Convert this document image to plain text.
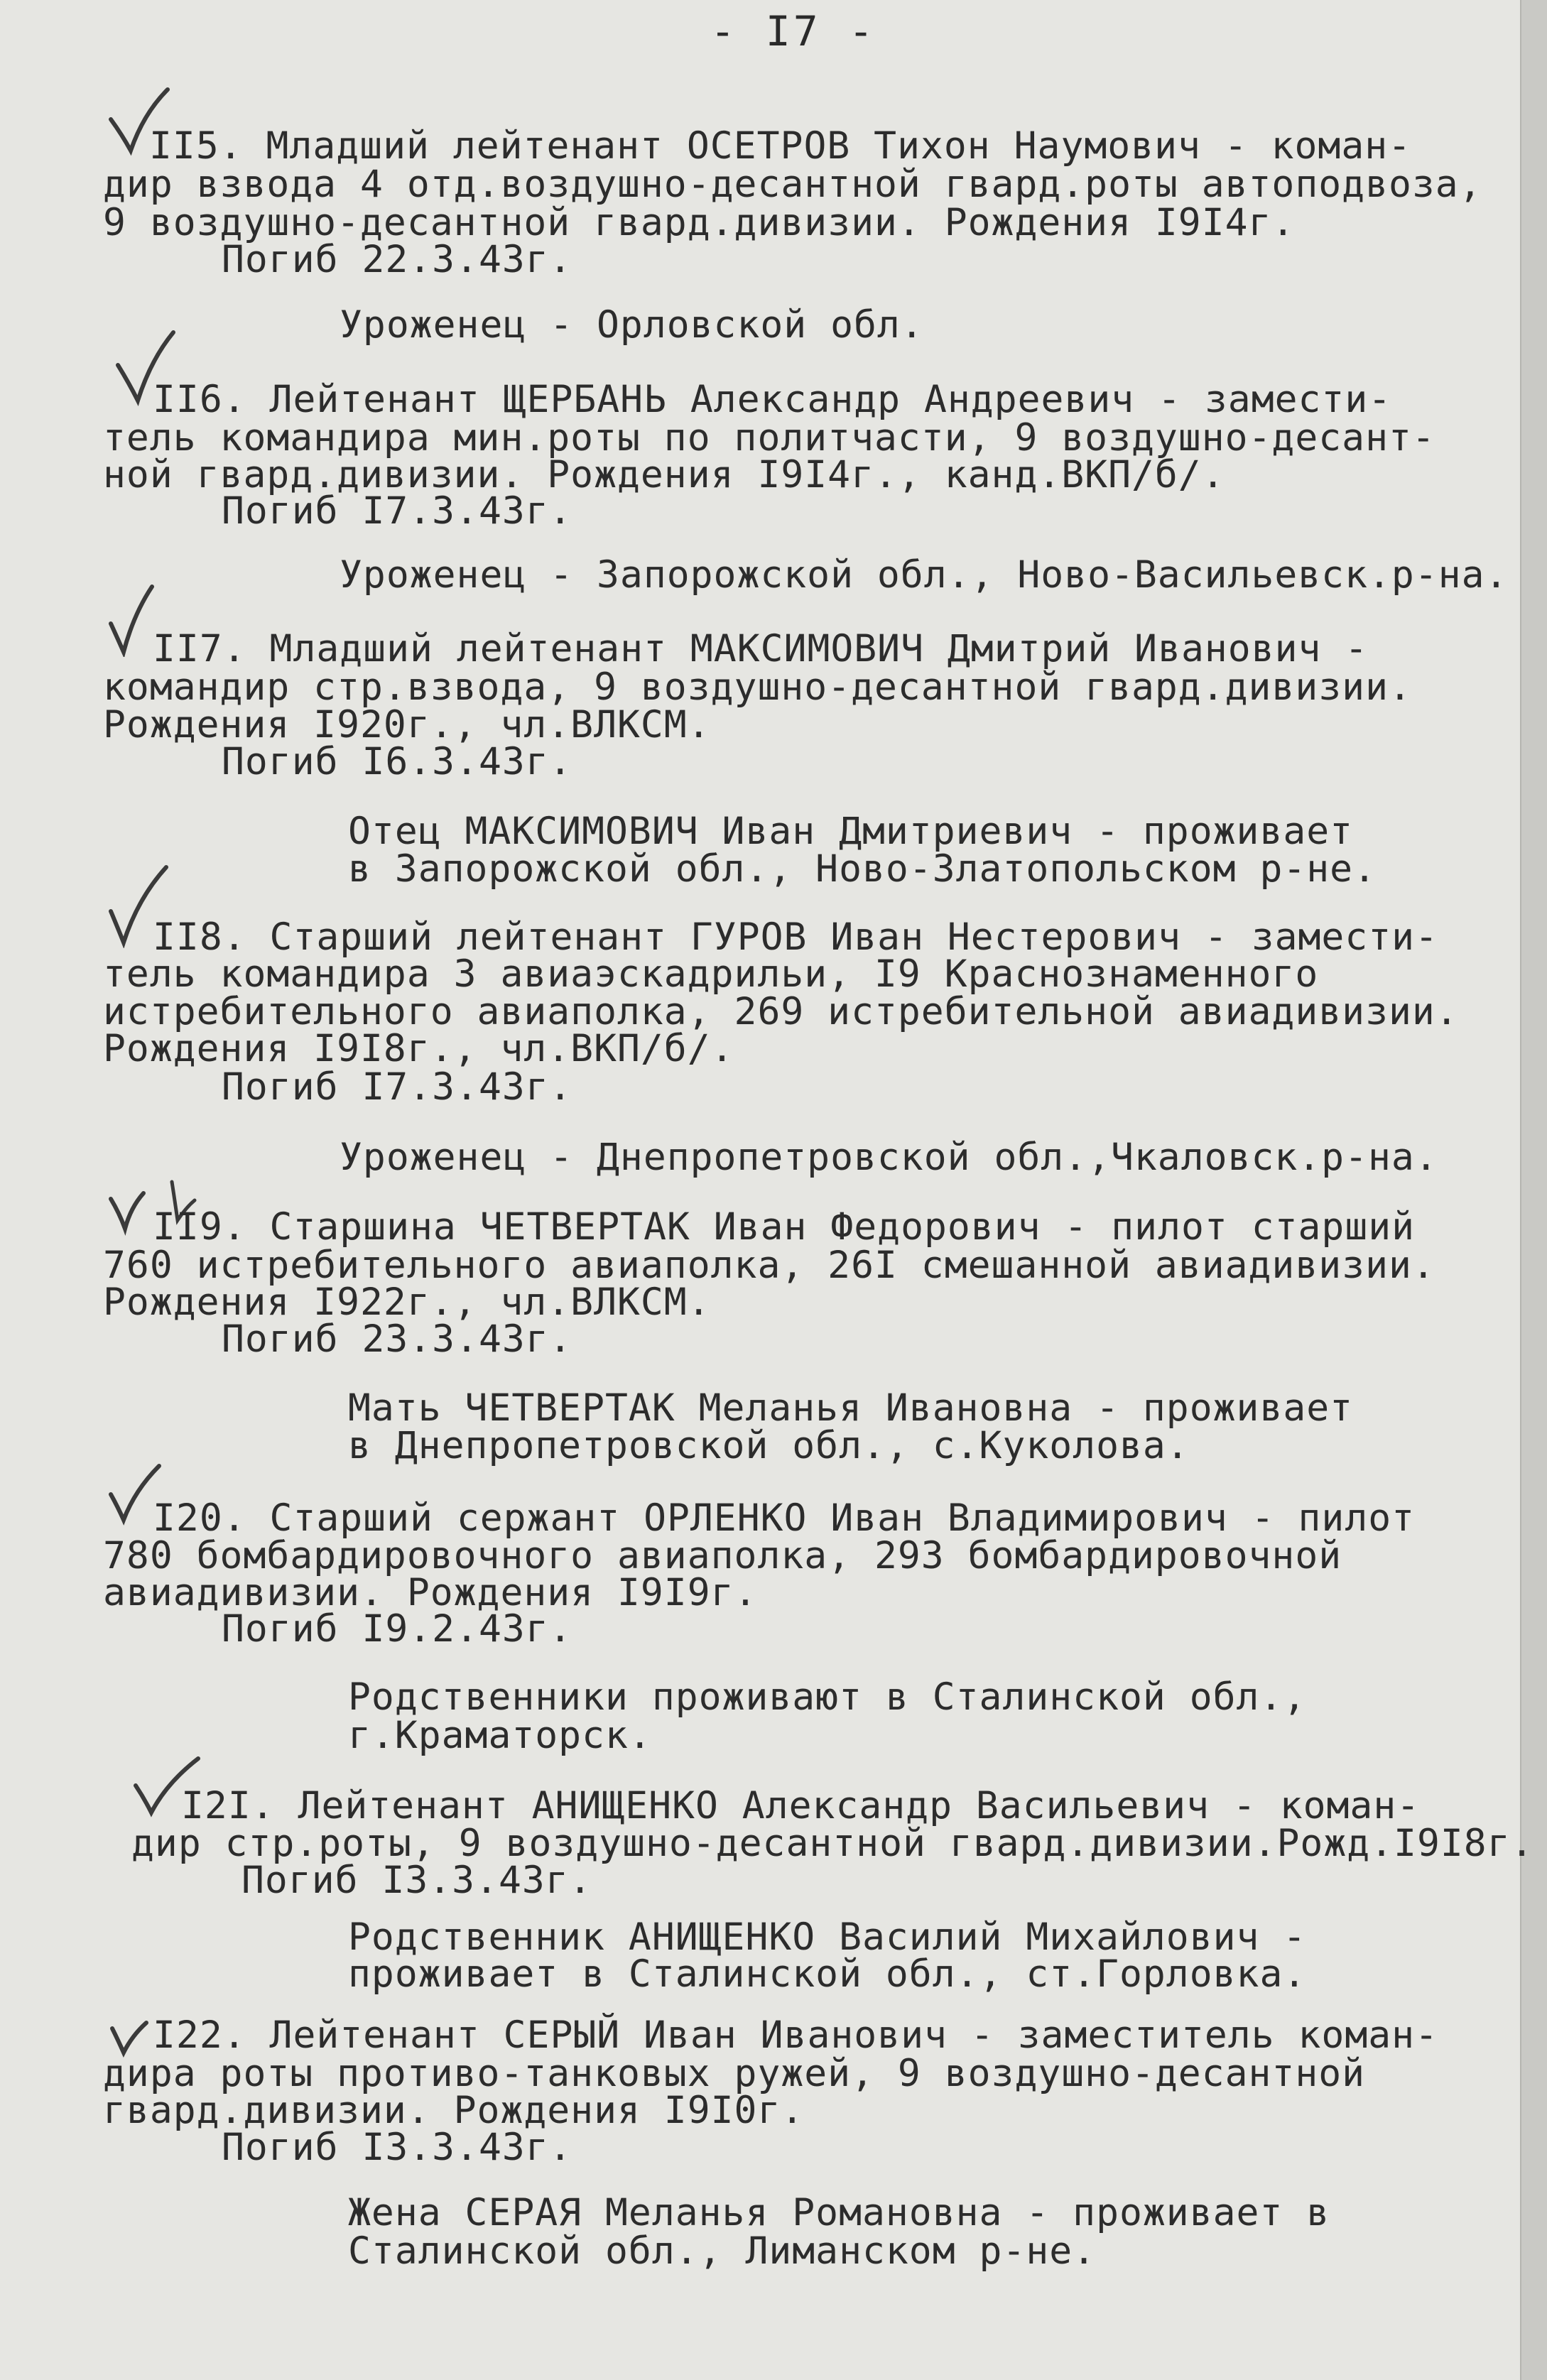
- I7 -
II5. Младший лейтенант ОСЕТРОВ Тихон Наумович - коман-
дир взвода 4 отд.воздушно-десантной гвард.роты автоподвоза,
9 воздушно-десантной гвард.дивизии. Рождения I9I4г.
Погиб 22.3.43г.
Уроженец - Орловской обл.
II6. Лейтенант ЩЕРБАНЬ Александр Андреевич - замести-
тель командира мин.роты по политчасти, 9 воздушно-десант-
ной гвард.дивизии. Рождения I9I4г., канд.ВКП/б/.
Погиб I7.3.43г.
Уроженец - Запорожской обл., Ново-Васильевск.р-на.
II7. Младший лейтенант МАКСИМОВИЧ Дмитрий Иванович -
командир стр.взвода, 9 воздушно-десантной гвард.дивизии.
Рождения I920г., чл.ВЛКСМ.
Погиб I6.3.43г.
Отец МАКСИМОВИЧ Иван Дмитриевич - проживает
в Запорожской обл., Ново-Златопольском р-не.
II8. Старший лейтенант ГУРОВ Иван Нестерович - замести-
тель командира 3 авиаэскадрильи, I9 Краснознаменного
истребительного авиаполка, 269 истребительной авиадивизии.
Рождения I9I8г., чл.ВКП/б/.
Погиб I7.3.43г.
Уроженец - Днепропетровской обл.,Чкаловск.р-на.
II9. Старшина ЧЕТВЕРТАК Иван Федорович - пилот старший
760 истребительного авиаполка, 26I смешанной авиадивизии.
Рождения I922г., чл.ВЛКСМ.
Погиб 23.3.43г.
Мать ЧЕТВЕРТАК Меланья Ивановна - проживает
в Днепропетровской обл., с.Куколова.
I20. Старший сержант ОРЛЕНКО Иван Владимирович - пилот
780 бомбардировочного авиаполка, 293 бомбардировочной
авиадивизии. Рождения I9I9г.
Погиб I9.2.43г.
Родственники проживают в Сталинской обл.,
г.Краматорск.
I2I. Лейтенант АНИЩЕНКО Александр Васильевич - коман-
дир стр.роты, 9 воздушно-десантной гвард.дивизии.Рожд.I9I8г.
Погиб I3.3.43г.
Родственник АНИЩЕНКО Василий Михайлович -
проживает в Сталинской обл., ст.Горловка.
I22. Лейтенант СЕРЫЙ Иван Иванович - заместитель коман-
дира роты противо-танковых ружей, 9 воздушно-десантной
гвард.дивизии. Рождения I9I0г.
Погиб I3.3.43г.
Жена СЕРАЯ Меланья Романовна - проживает в
Сталинской обл., Лиманском р-не.
